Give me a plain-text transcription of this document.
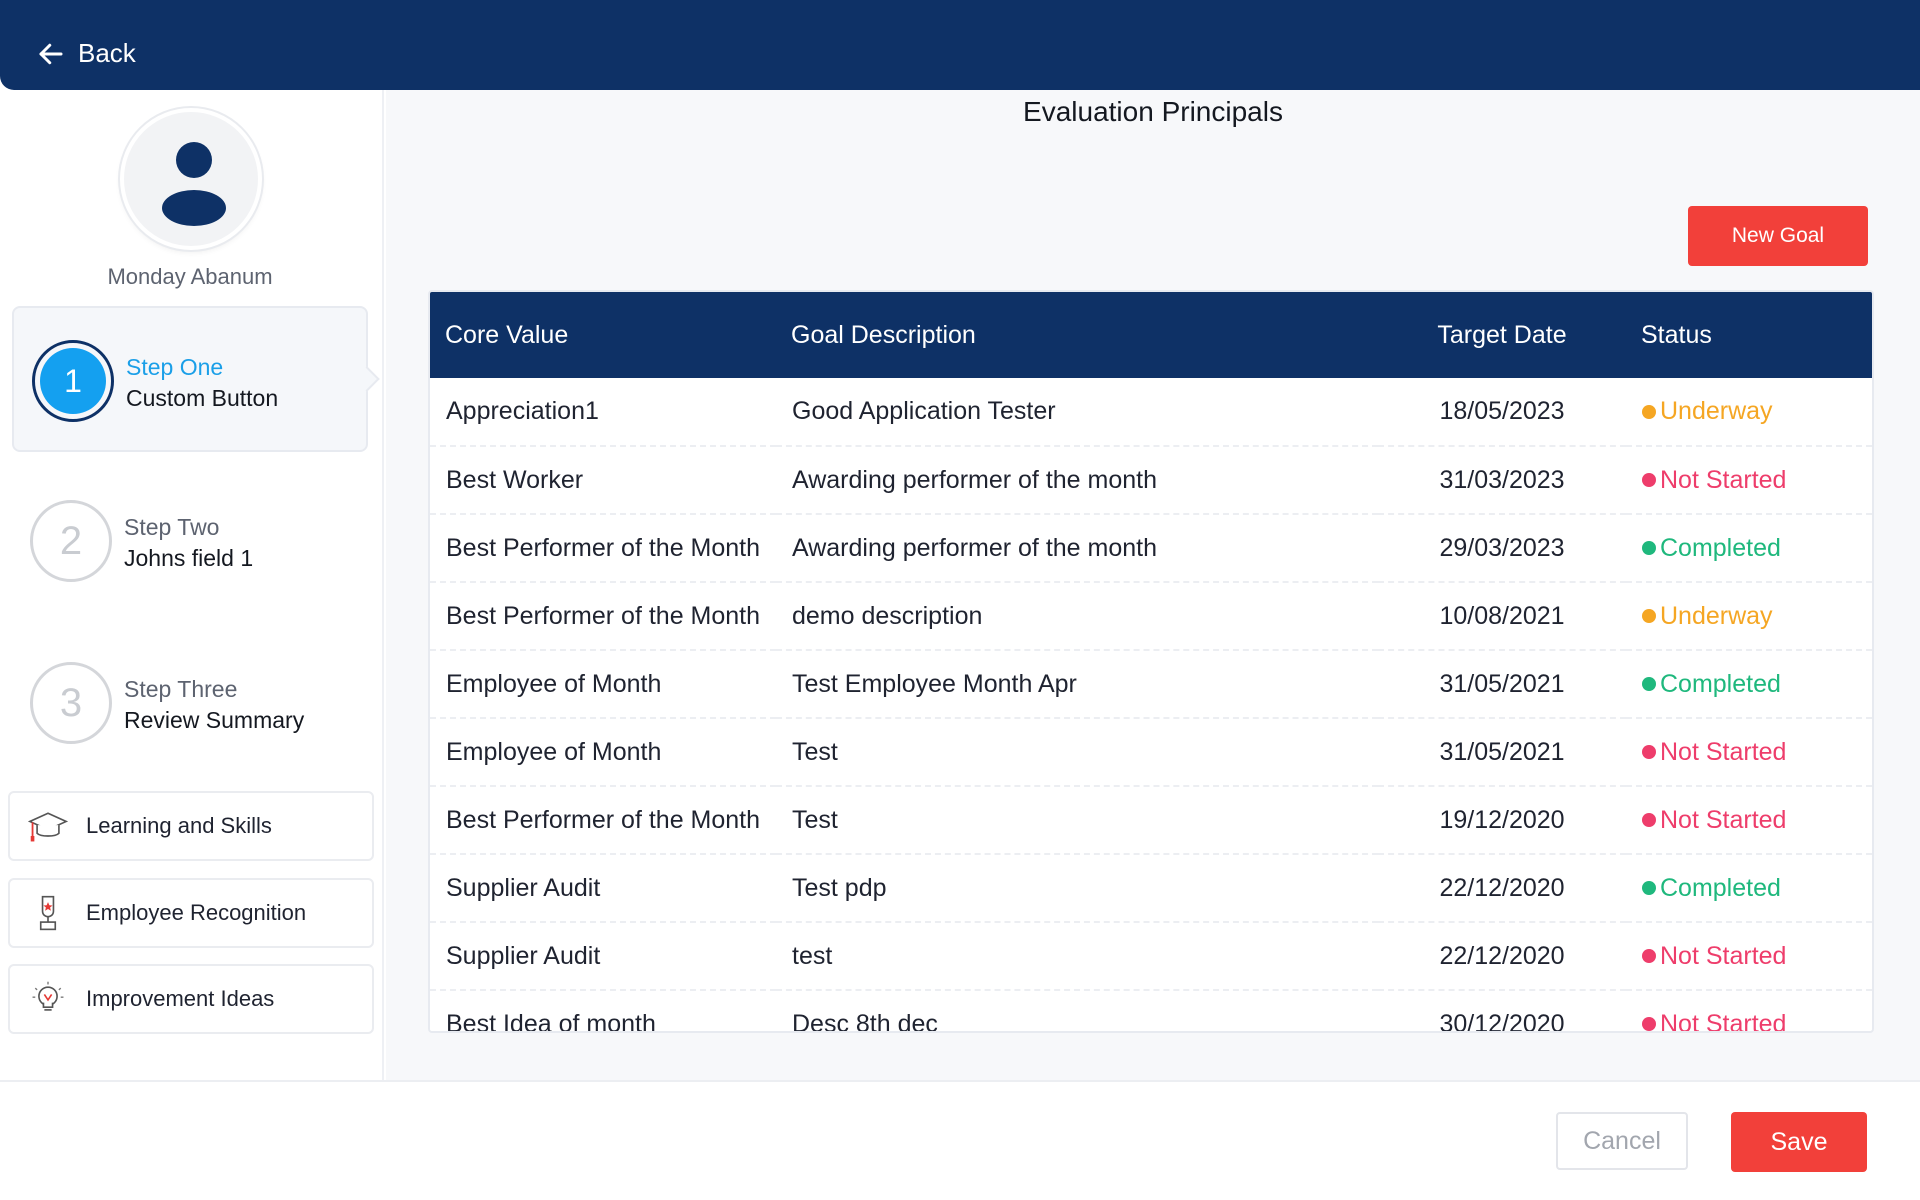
Back
Monday Abanum
1	Step One
Custom Button
2	Step Two
Johns field 1
3	Step Three
Review Summary
Learning and Skills
Employee Recognition
Improvement Ideas
Evaluation Principals
New Goal
Core Value	Goal Description	Target Date	Status
Appreciation1	Good Application Tester	18/05/2023	Underway

Best Worker	Awarding performer of the month	31/03/2023	Not Started

Best Performer of the Month	Awarding performer of the month	29/03/2023	Completed

Best Performer of the Month	demo description	10/08/2021	Underway

Employee of Month	Test Employee Month Apr	31/05/2021	Completed

Employee of Month	Test	31/05/2021	Not Started

Best Performer of the Month	Test	19/12/2020	Not Started

Supplier Audit	Test pdp	22/12/2020	Completed

Supplier Audit	test	22/12/2020	Not Started

Best Idea of month	Desc 8th dec	30/12/2020	Not Started
Cancel	Save
